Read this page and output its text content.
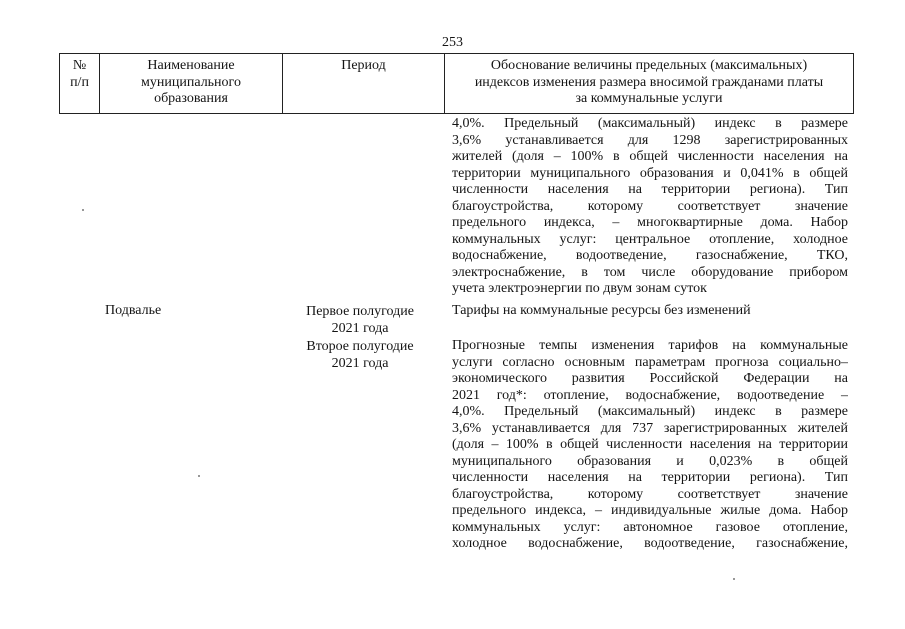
253
№
п/п
Наименование
муниципального
образования
Период	Обоснование величины предельных (максимальных)
индексов изменения размера вносимой гражданами платы
за коммунальные услуги
4,0%. Предельный (максимальный) индекс в размере
3,6% устанавливается для 1298 зарегистрированных
жителей (доля – 100% в общей численности населения на
территории муниципального образования и 0,041% в общей
численности населения на территории региона). Тип
благоустройства, которому соответствует значение
предельного индекса, – многоквартирные дома. Набор
коммунальных услуг: центральное отопление, холодное
водоснабжение, водоотведение, газоснабжение, ТКО,
электроснабжение, в том числе оборудование прибором
учета электроэнергии по двум зонам суток
Подвалье	Первое полугодие
2021 года
Тарифы на коммунальные ресурсы без изменений
Второе полугодие
2021 года
Прогнозные темпы изменения тарифов на коммунальные
услуги согласно основным параметрам прогноза социально–
экономического развития Российской Федерации на
2021 год*: отопление, водоснабжение, водоотведение –
4,0%. Предельный (максимальный) индекс в размере
3,6% устанавливается для 737 зарегистрированных жителей
(доля – 100% в общей численности населения на территории
муниципального образования и 0,023% в общей
численности населения на территории региона). Тип
благоустройства, которому соответствует значение
предельного индекса, – индивидуальные жилые дома. Набор
коммунальных услуг: автономное газовое отопление,
холодное водоснабжение, водоотведение, газоснабжение,
